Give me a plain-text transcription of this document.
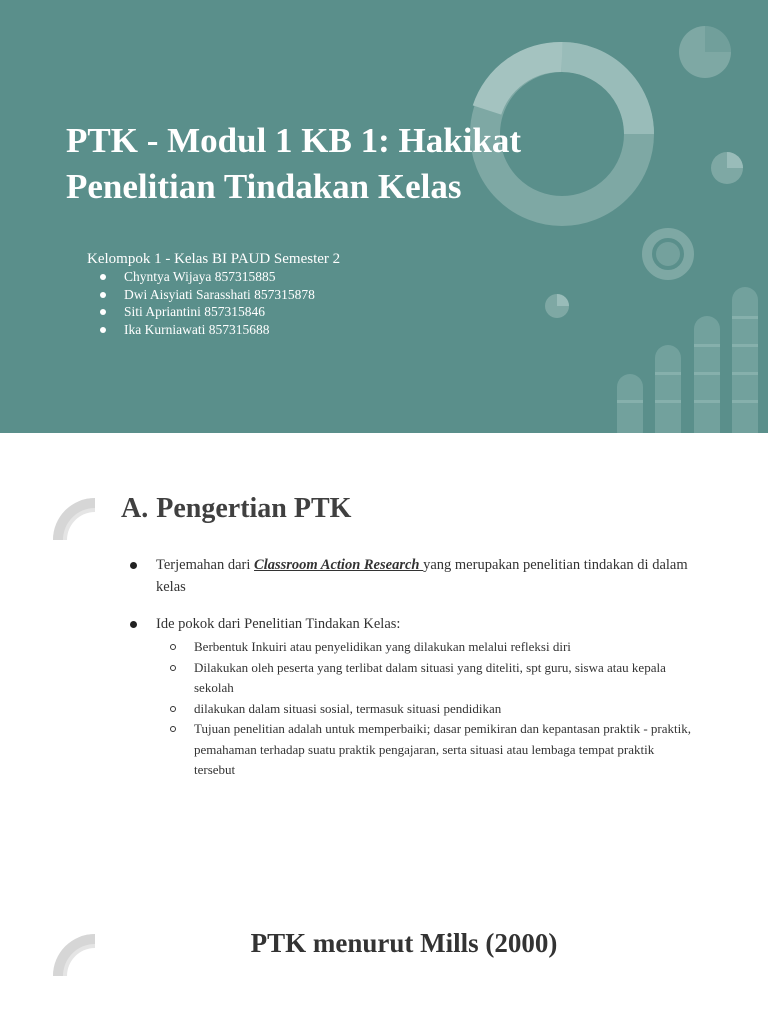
PTK - Modul 1 KB 1: Hakikat
Penelitian Tindakan Kelas
Kelompok 1 - Kelas BI PAUD Semester 2
Chyntya Wijaya 857315885
Dwi Aisyiati Sarasshati 857315878
Siti Apriantini 857315846
Ika Kurniawati 857315688
A. Pengertian PTK
Terjemahan dari Classroom Action Research yang merupakan penelitian tindakan di dalam kelas
Ide pokok dari Penelitian Tindakan Kelas:
Berbentuk Inkuiri atau penyelidikan yang dilakukan melalui refleksi diri
Dilakukan oleh peserta yang terlibat dalam situasi yang diteliti, spt guru, siswa atau kepala sekolah
dilakukan dalam situasi sosial, termasuk situasi pendidikan
Tujuan penelitian adalah untuk memperbaiki; dasar pemikiran dan kepantasan praktik - praktik, pemahaman terhadap suatu praktik pengajaran, serta situasi atau lembaga tempat praktik tersebut
PTK menurut Mills (2000)
